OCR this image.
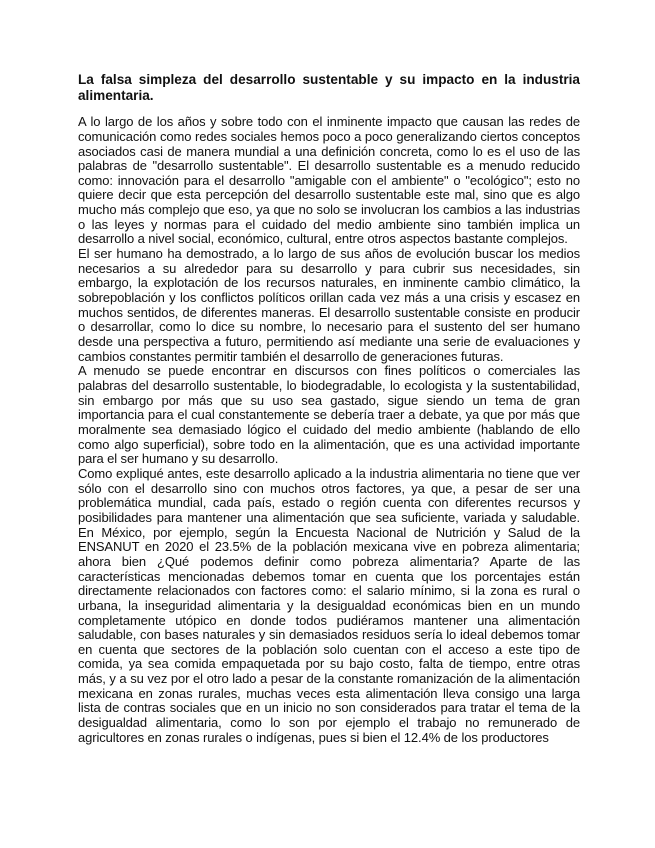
La falsa simpleza del desarrollo sustentable y su impacto en la industria alimentaria.

A lo largo de los años y sobre todo con el inminente impacto que causan las redes de comunicación como redes sociales hemos poco a poco generalizando ciertos conceptos asociados casi de manera mundial a una definición concreta, como lo es el uso de las palabras de "desarrollo sustentable". El desarrollo sustentable es a menudo reducido como: innovación para el desarrollo "amigable con el ambiente" o "ecológico"; esto no quiere decir que esta percepción del desarrollo sustentable este mal, sino que es algo mucho más complejo que eso, ya que no solo se involucran los cambios a las industrias o las leyes y normas para el cuidado del medio ambiente sino también implica un desarrollo a nivel social, económico, cultural, entre otros aspectos bastante complejos.

El ser humano ha demostrado, a lo largo de sus años de evolución buscar los medios necesarios a su alrededor para su desarrollo y para cubrir sus necesidades, sin embargo, la explotación de los recursos naturales, en inminente cambio climático, la sobrepoblación y los conflictos políticos orillan cada vez más a una crisis y escasez en muchos sentidos, de diferentes maneras. El desarrollo sustentable consiste en producir o desarrollar, como lo dice su nombre, lo necesario para el sustento del ser humano desde una perspectiva a futuro, permitiendo así mediante una serie de evaluaciones y cambios constantes permitir también el desarrollo de generaciones futuras.

A menudo se puede encontrar en discursos con fines políticos o comerciales las palabras del desarrollo sustentable, lo biodegradable, lo ecologista y la sustentabilidad, sin embargo por más que su uso sea gastado, sigue siendo un tema de gran importancia para el cual constantemente se debería traer a debate, ya que por más que moralmente sea demasiado lógico el cuidado del medio ambiente (hablando de ello como algo superficial), sobre todo en la alimentación, que es una actividad importante para el ser humano y su desarrollo.

Como expliqué antes, este desarrollo aplicado a la industria alimentaria no tiene que ver sólo con el desarrollo sino con muchos otros factores, ya que, a pesar de ser una problemática mundial, cada país, estado o región cuenta con diferentes recursos y posibilidades para mantener una alimentación que sea suficiente, variada y saludable. En México, por ejemplo, según la Encuesta Nacional de Nutrición y Salud de la ENSANUT en 2020 el 23.5% de la población mexicana vive en pobreza alimentaria; ahora bien ¿Qué podemos definir como pobreza alimentaria? Aparte de las características mencionadas debemos tomar en cuenta que los porcentajes están directamente relacionados con factores como: el salario mínimo, si la zona es rural o urbana, la inseguridad alimentaria y la desigualdad económicas bien en un mundo completamente utópico en donde todos pudiéramos mantener una alimentación saludable, con bases naturales y sin demasiados residuos sería lo ideal debemos tomar en cuenta que sectores de la población solo cuentan con el acceso a este tipo de comida, ya sea comida empaquetada por su bajo costo, falta de tiempo, entre otras más, y a su vez por el otro lado a pesar de la constante romanización de la alimentación mexicana en zonas rurales, muchas veces esta alimentación lleva consigo una larga lista de contras sociales que en un inicio no son considerados para tratar el tema de la desigualdad alimentaria, como lo son por ejemplo el trabajo no remunerado de agricultores en zonas rurales o indígenas, pues si bien el 12.4% de los productores
